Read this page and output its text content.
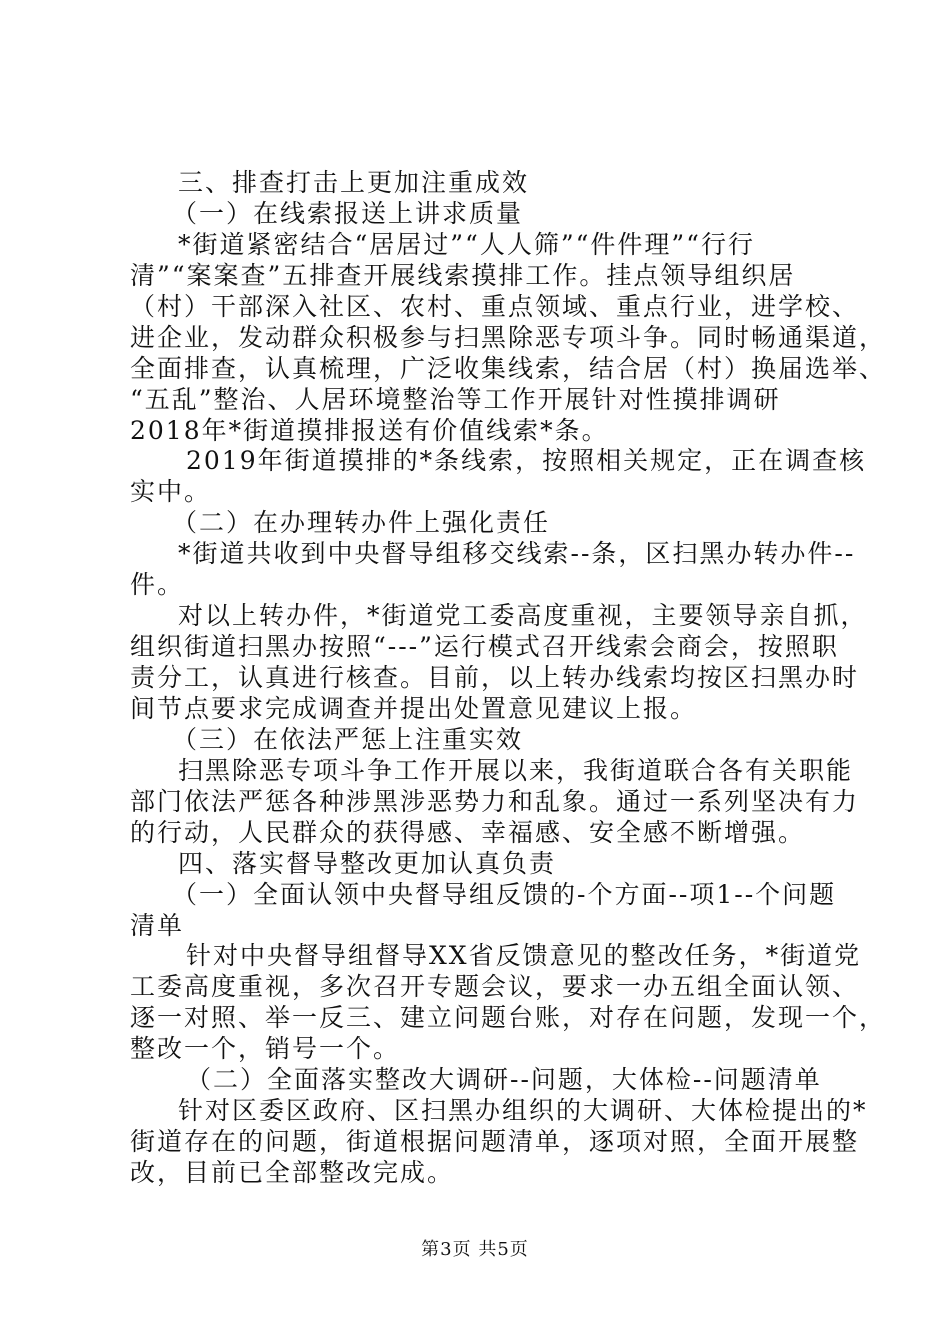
第3页 共5页
三、排查打击上更加注重成效
（一）在线索报送上讲求质量
*街道紧密结合“居居过”“人人筛”“件件理”“行行
清”“案案查”五排查开展线索摸排工作。挂点领导组织居
（村）干部深入社区、农村、重点领域、重点行业，进学校、
进企业，发动群众积极参与扫黑除恶专项斗争。同时畅通渠道，
全面排查，认真梳理，广泛收集线索，结合居（村）换届选举、
“五乱”整治、人居环境整治等工作开展针对性摸排调研
2018年*街道摸排报送有价值线索*条。
2019年街道摸排的*条线索，按照相关规定，正在调查核
实中。
（二）在办理转办件上强化责任
*街道共收到中央督导组移交线索--条，区扫黑办转办件--
件。
对以上转办件，*街道党工委高度重视，主要领导亲自抓，
组织街道扫黑办按照“---”运行模式召开线索会商会，按照职
责分工，认真进行核查。目前，以上转办线索均按区扫黑办时
间节点要求完成调查并提出处置意见建议上报。
（三）在依法严惩上注重实效
扫黑除恶专项斗争工作开展以来，我街道联合各有关职能
部门依法严惩各种涉黑涉恶势力和乱象。通过一系列坚决有力
的行动，人民群众的获得感、幸福感、安全感不断增强。
四、落实督导整改更加认真负责
（一）全面认领中央督导组反馈的-个方面--项1--个问题
清单
针对中央督导组督导XX省反馈意见的整改任务，*街道党
工委高度重视，多次召开专题会议，要求一办五组全面认领、
逐一对照、举一反三、建立问题台账，对存在问题，发现一个，
整改一个，销号一个。
（二）全面落实整改大调研--问题，大体检--问题清单
针对区委区政府、区扫黑办组织的大调研、大体检提出的*
街道存在的问题，街道根据问题清单，逐项对照，全面开展整
改，目前已全部整改完成。
